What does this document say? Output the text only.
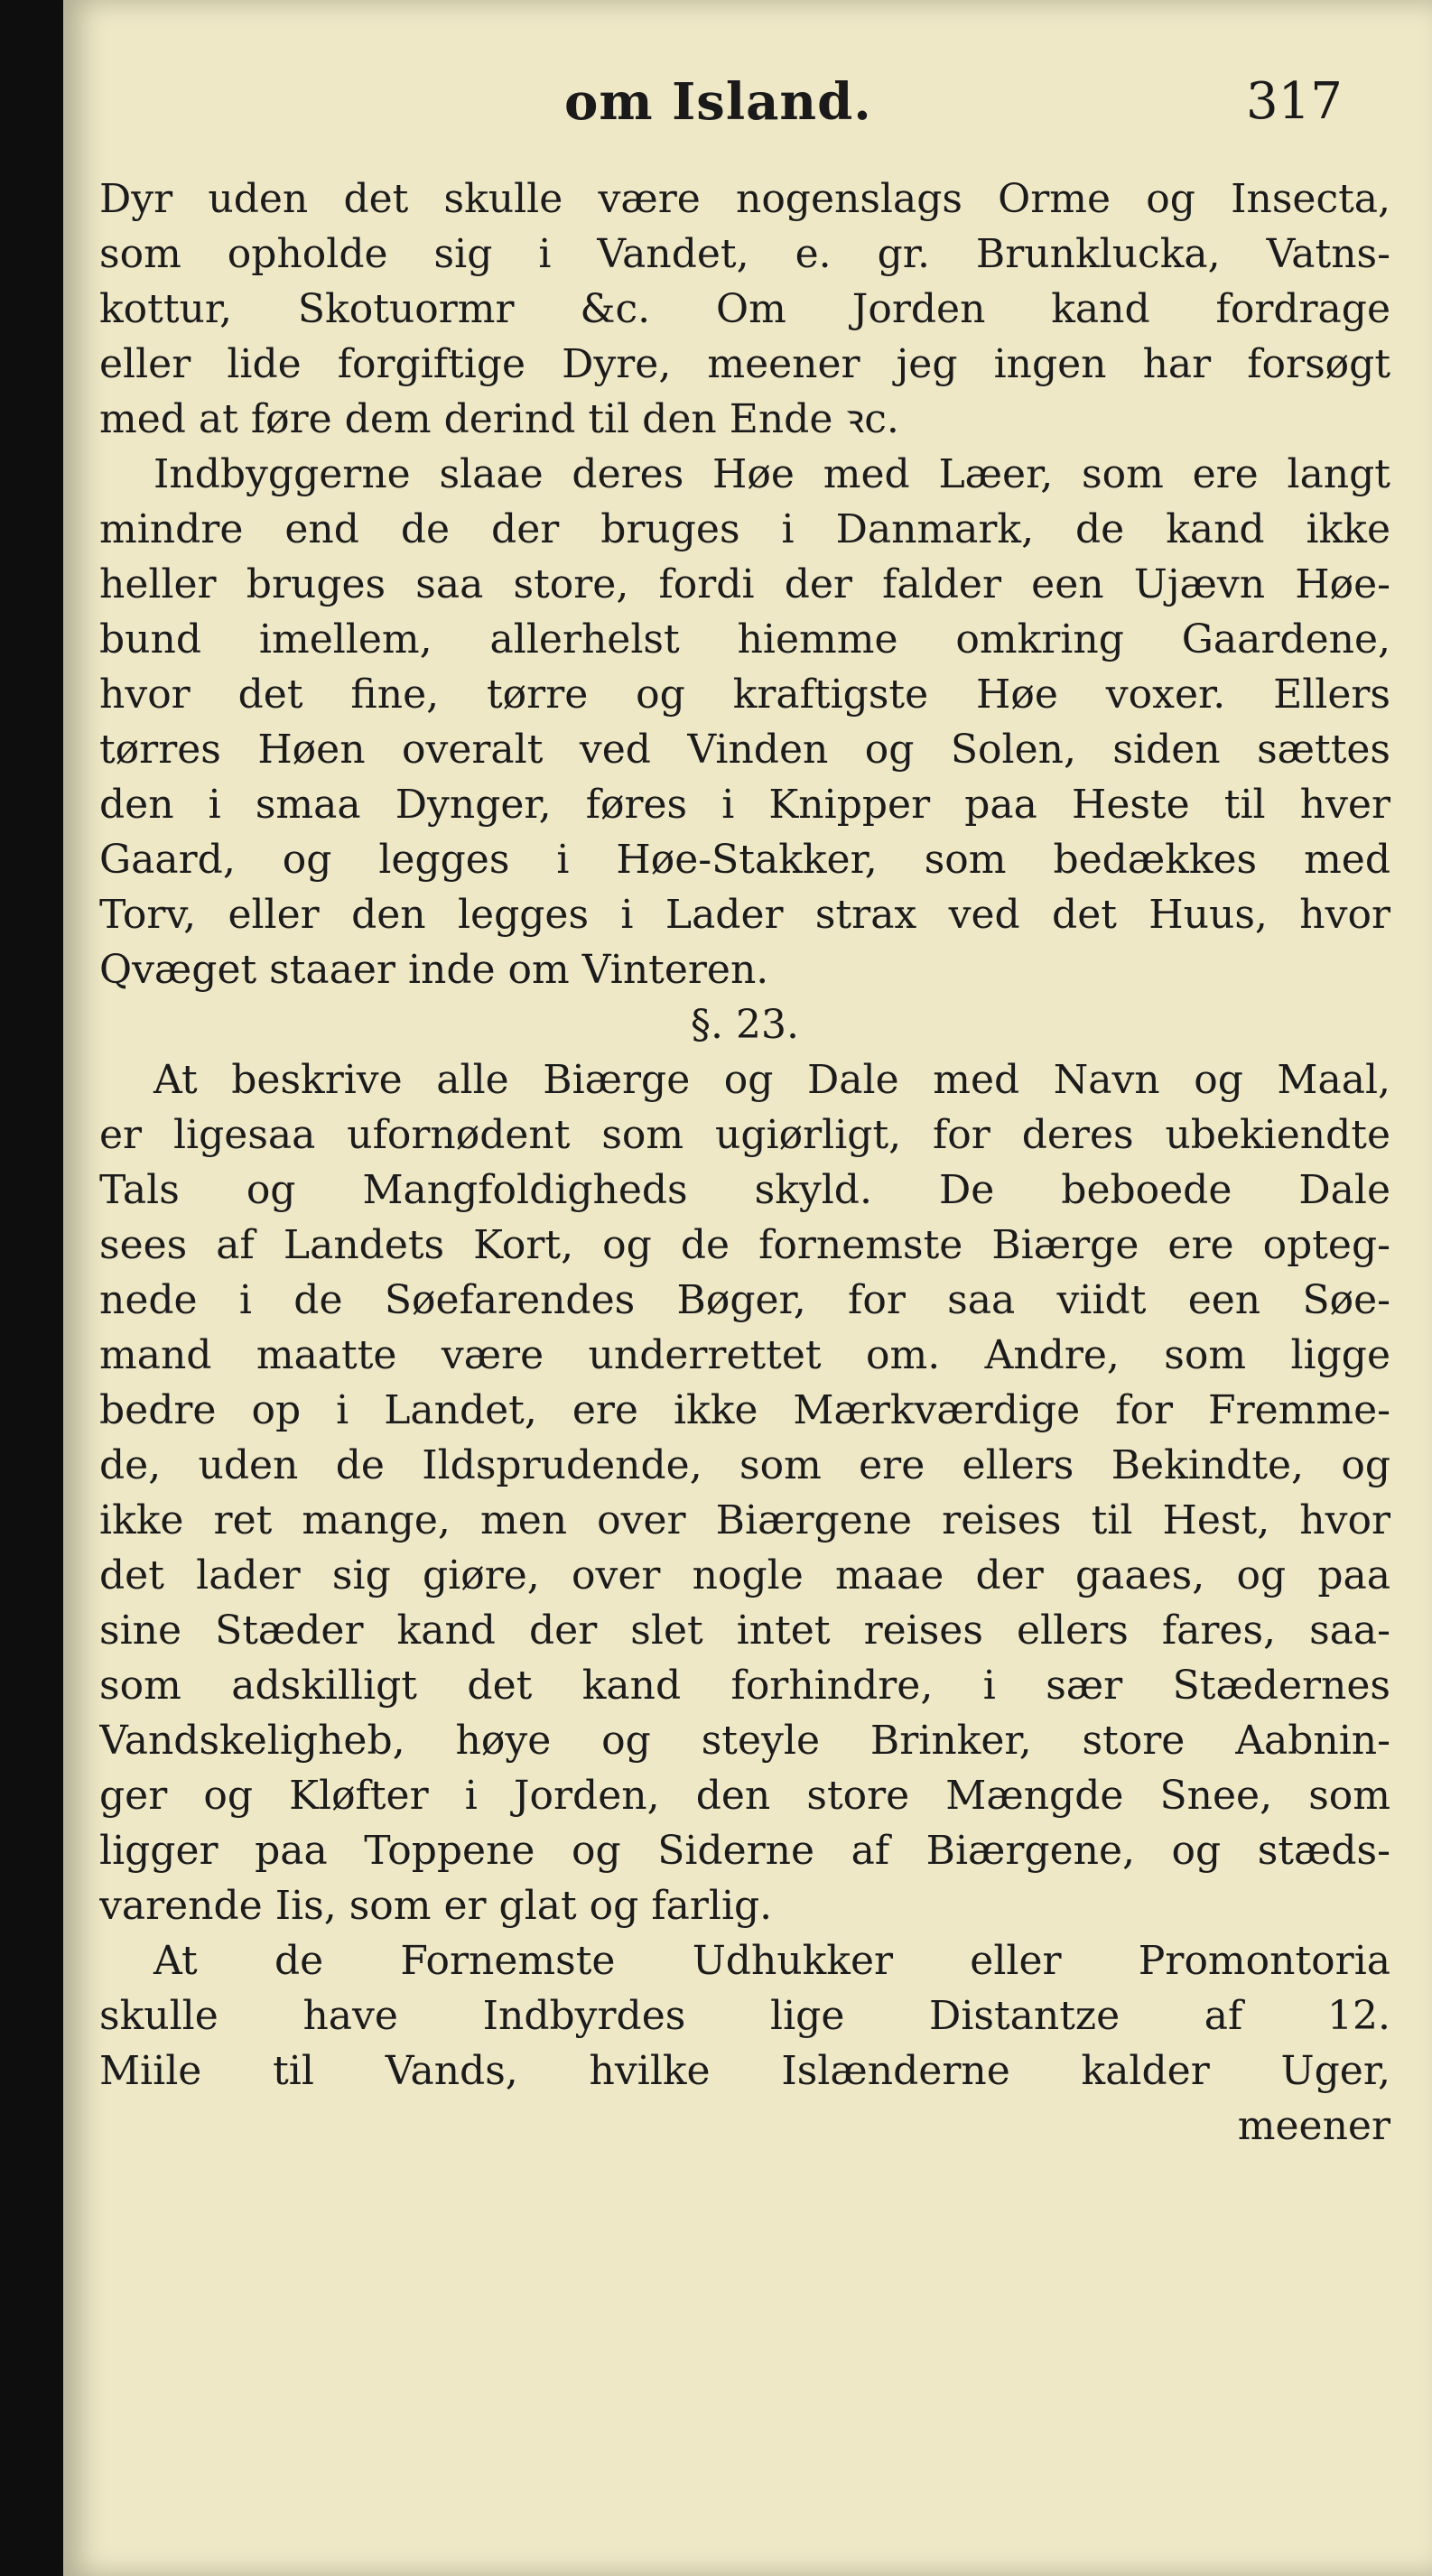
om Island.	317
Dyr uden det skulle være nogenslags Orme og Insecta,
som opholde sig i Vandet, e. gr. Brunklucka, Vatns-
kottur, Skotuormr &c. Om Jorden kand fordrage
eller lide forgiftige Dyre, meener jeg ingen har forsøgt
med at føre dem derind til den Ende ꝛc.
Indbyggerne slaae deres Høe med Læer, som ere langt
mindre end de der bruges i Danmark, de kand ikke
heller bruges saa store, fordi der falder een Ujævn Høe-
bund imellem, allerhelst hiemme omkring Gaardene,
hvor det fine, tørre og kraftigste Høe voxer. Ellers
tørres Høen overalt ved Vinden og Solen, siden sættes
den i smaa Dynger, føres i Knipper paa Heste til hver
Gaard, og legges i Høe-Stakker, som bedækkes med
Torv, eller den legges i Lader strax ved det Huus, hvor
Qvæget staaer inde om Vinteren.
§. 23.
At beskrive alle Biærge og Dale med Navn og Maal,
er ligesaa ufornødent som ugiørligt, for deres ubekiendte
Tals og Mangfoldigheds skyld. De beboede Dale
sees af Landets Kort, og de fornemste Biærge ere opteg-
nede i de Søefarendes Bøger, for saa viidt een Søe-
mand maatte være underrettet om. Andre, som ligge
bedre op i Landet, ere ikke Mærkværdige for Fremme-
de, uden de Ildsprudende, som ere ellers Bekindte, og
ikke ret mange, men over Biærgene reises til Hest, hvor
det lader sig giøre, over nogle maae der gaaes, og paa
sine Stæder kand der slet intet reises ellers fares, saa-
som adskilligt det kand forhindre, i sær Stædernes
Vandskeligheb, høye og steyle Brinker, store Aabnin-
ger og Kløfter i Jorden, den store Mængde Snee, som
ligger paa Toppene og Siderne af Biærgene, og stæds-
varende Iis, som er glat og farlig.
At de Fornemste Udhukker eller Promontoria
skulle have Indbyrdes lige Distantze af 12.
Miile til Vands, hvilke Islænderne kalder Uger,
meener
